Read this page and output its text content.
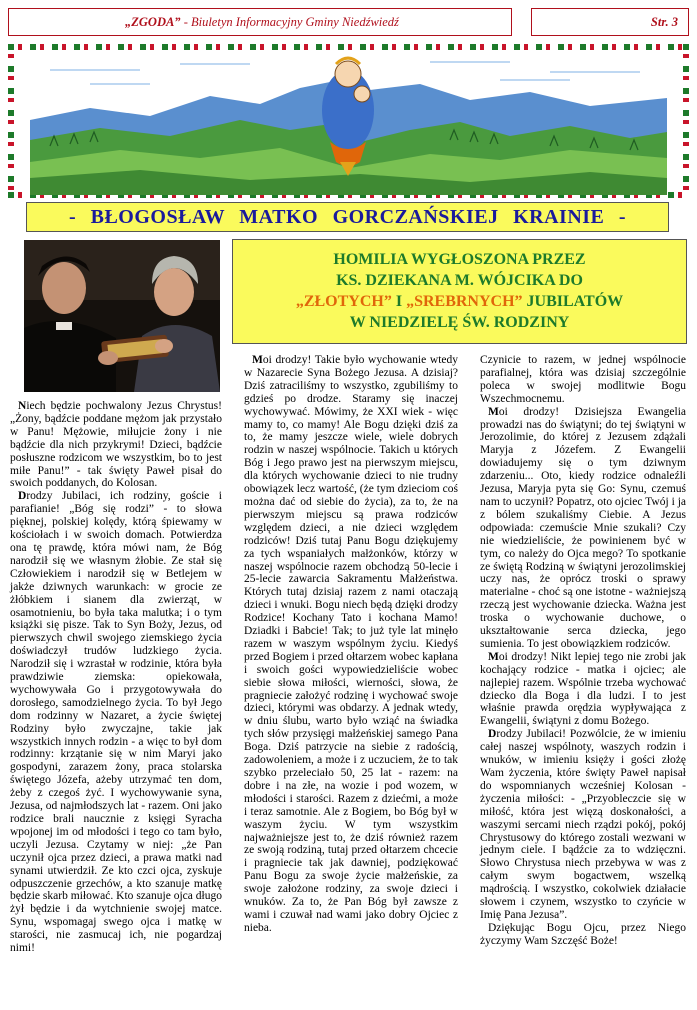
„ZGODA” - Biuletyn Informacyjny Gminy Niedźwiedź	Str. 3
- BŁOGOSŁAW MATKO GORCZAŃSKIEJ KRAINIE -
HOMILIA WYGŁOSZONA PRZEZ
KS. DZIEKANA M. WÓJCIKA DO
„ZŁOTYCH” I „SREBRNYCH” JUBILATÓW
W NIEDZIELĘ ŚW. RODZINY

Niech będzie pochwalony Jezus Chrystus! „Żony, bądźcie poddane mężom jak przystało w Panu! Mężowie, miłujcie żony i nie bądźcie dla nich przykrymi! Dzieci, bądźcie posłuszne rodzicom we wszystkim, bo to jest miłe Panu!” - tak święty Paweł pisał do swoich poddanych, do Kolosan.

Drodzy Jubilaci, ich rodziny, goście i parafianie! „Bóg się rodzi” - to słowa pięknej, polskiej kolędy, którą śpiewamy w kościołach i w swoich domach. Potwierdza ona tę prawdę, która mówi nam, że Bóg narodził się we własnym żłobie. Ze stał się Człowiekiem i narodził się w Betlejem w jakże dziwnych warunkach: w grocie ze żłóbkiem i sianem dla zwierząt, w osamotnieniu, bo była taka malutka; i o tym książki się pisze. Tak to Syn Boży, Jezus, od pierwszych chwil swojego ziemskiego życia doświadczył trudów ludzkiego życia. Narodził się i wzrastał w rodzinie, która była prawdziwie ziemska: opiekowała, wychowywała Go i przygotowywała do dorosłego, samodzielnego życia. To był Jego dom rodzinny w Nazaret, a życie świętej Rodziny było zwyczajne, takie jak wszystkich innych rodzin - a więc to był dom rodzinny: krzątanie się w nim Maryi jako gospodyni, zarazem żony, praca stolarska świętego Józefa, ażeby utrzymać ten dom, żeby z czegoś żyć. I wychowywanie syna, Jezusa, od najmłodszych lat - razem. Oni jako rodzice brali naucznie z księgi Syracha wpojonej im od młodości i tego co tam było, uczyli Jezusa. Czytamy w niej: „że Pan uczynił ojca przez dzieci, a prawa matki nad synami utwierdził. Ze kto czci ojca, zyskuje odpuszczenie grzechów, a kto szanuje matkę będzie skarb miłować. Kto szanuje ojca długo żył będzie i da wytchnienie swojej matce. Synu, wspomagaj swego ojca i matkę w starości, nie zasmucaj ich, nie pogardzaj nimi!

Moi drodzy! Takie było wychowanie wtedy w Nazarecie Syna Bożego Jezusa. A dzisiaj? Dziś zatraciliśmy to wszystko, zgubiliśmy to gdzieś po drodze. Staramy się inaczej wychowywać. Mówimy, że XXI wiek - więc mamy to, co mamy! Ale Bogu dzięki dziś za to, że mamy jeszcze wiele, wiele dobrych rodzin w naszej wspólnocie. Takich u których Bóg i Jego prawo jest na pierwszym miejscu, dla których wychowanie dzieci to nie trudny obowiązek lecz wartość, (że tym dzieciom coś można dać od siebie do życia), za to, że na pierwszym miejscu są prawa rodziców względem dzieci, a nie dzieci względem rodziców! Dziś tutaj Panu Bogu dziękujemy za tych wspaniałych małżonków, którzy w naszej wspólnocie razem obchodzą 50-lecie i 25-lecie zawarcia Sakramentu Małżeństwa. Których tutaj dzisiaj razem z nami otaczają dzieci i wnuki. Bogu niech będą dzięki drodzy Rodzice! Kochany Tato i kochana Mamo! Dziadki i Babcie! Tak; to już tyle lat minęło razem w waszym wspólnym życiu. Kiedyś przed Bogiem i przed ołtarzem wobec kapłana i swoich gości wypowiedzieliście wobec siebie słowa miłości, wierności, słowa, że pragniecie założyć rodzinę i wychować swoje dzieci, którymi was obdarzy. A jednak wtedy, w dniu ślubu, warto było wziąć na świadka tych słów przysięgi małżeńskiej samego Pana Boga. Dziś patrzycie na siebie z radością, zadowoleniem, a może i z uczuciem, że to tak szybko przeleciało 50, 25 lat - razem: na dobre i na złe, na wozie i pod wozem, w młodości i starości. Razem z dziećmi, a może i teraz samotnie. Ale z Bogiem, bo Bóg był w waszym życiu. W tym wszystkim najważniejsze jest to, że dziś również razem ze swoją rodziną, tutaj przed ołtarzem chcecie i pragniecie tak jak dawniej, podziękować Panu Bogu za swoje życie małżeńskie, za swoje założone rodziny, za swoje dzieci i wnuków. Za to, że Pan Bóg był zawsze z wami i czuwał nad wami jako dobry Ojciec z nieba.

Czynicie to razem, w jednej wspólnocie parafialnej, która was dzisiaj szczególnie poleca w swojej modlitwie Bogu Wszechmocnemu.

Moi drodzy! Dzisiejsza Ewangelia prowadzi nas do świątyni; do tej świątyni w Jerozolimie, do której z Jezusem zdążali Maryja z Józefem. Z Ewangelii dowiadujemy się o tym dziwnym zdarzeniu... Oto, kiedy rodzice odnaleźli Jezusa, Maryja pyta się Go: Synu, czemuś nam to uczynił? Popatrz, oto ojciec Twój i ja z bólem szukaliśmy Ciebie. A Jezus odpowiada: czemuście Mnie szukali? Czy nie wiedzieliście, że powinienem być w tym, co należy do Ojca mego? To spotkanie ze świętą Rodziną w świątyni jerozolimskiej uczy nas, że oprócz troski o sprawy materialne - choć są one istotne - ważniejszą rzeczą jest wychowanie dziecka. Ważna jest troska o wychowanie duchowe, o ukształtowanie serca dziecka, jego sumienia. To jest obowiązkiem rodziców.

Moi drodzy! Nikt lepiej tego nie zrobi jak kochający rodzice - matka i ojciec; ale najlepiej razem. Wspólnie trzeba wychować dziecko dla Boga i dla ludzi. I to jest właśnie prawda orędzia wypływająca z Ewangelii, świątyni z domu Bożego.

Drodzy Jubilaci! Pozwólcie, że w imieniu całej naszej wspólnoty, waszych rodzin i wnuków, w imieniu księży i gości złożę Wam życzenia, które święty Paweł napisał do wspomnianych wcześniej Kolosan - życzenia miłości: - „Przyobleczcie się w miłość, która jest więzą doskonałości, a waszymi sercami niech rządzi pokój, pokój Chrystusowy do którego zostali wezwani w jednym ciele. I bądźcie za to wdzięczni. Słowo Chrystusa niech przebywa w was z całym swym bogactwem, wszelką mądrością. I wszystko, cokolwiek działacie słowem i czynem, wszystko to czyńcie w Imię Pana Jezusa”.

Dziękując Bogu Ojcu, przez Niego życzymy Wam Szczęść Boże!
